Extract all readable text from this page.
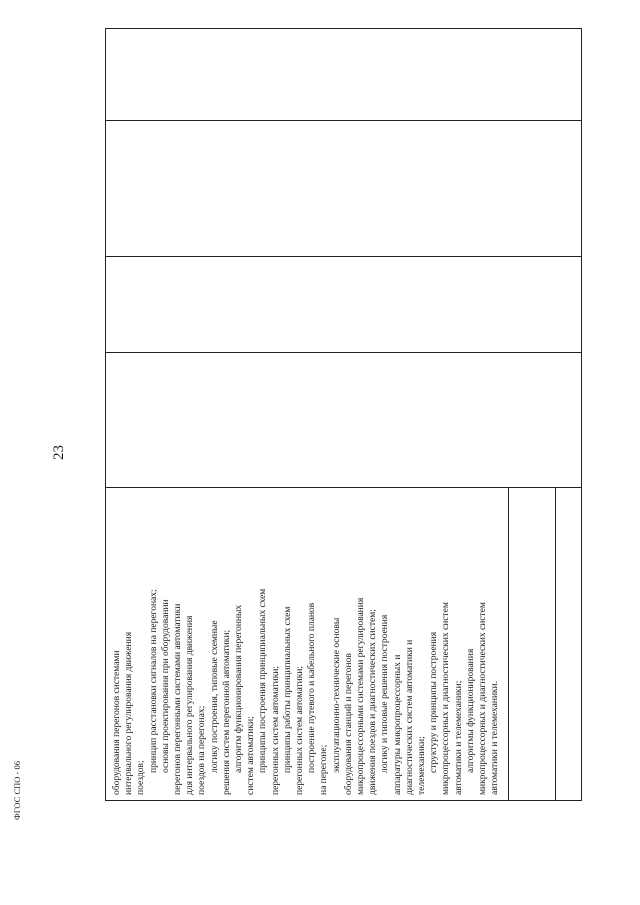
23
ФГОС СПО - 06	оборудования перегонов системами интервального регулирования движения поездов;
принцип расстановки сигналов на перегонах; основы проектирования при оборудовании перегонов перегонными системами автоматики для интервального регулирования движения поездов на перегонах; логику построения, типовые схемные решения систем перегонной автоматики; алгоритм функционирования перегонных систем автоматики; принципы построения принципиальных схем перегонных систем автоматики; принципы работы принципиальных схем перегонных систем автоматики; построение путевого и кабельного планов на перегоне; эксплуатационно-технические основы оборудования станций и перегонов микропроцессорными системами регулирования движения поездов и диагностических систем; логику и типовые решения построения аппаратуры микропроцессорных и диагностических систем автоматики и телемеханики; структуру и принципы построения микропроцессорных и диагностических систем автоматики и телемеханики; алгоритмы функционирования микропроцессорных и диагностических систем автоматики и телемеханики.
